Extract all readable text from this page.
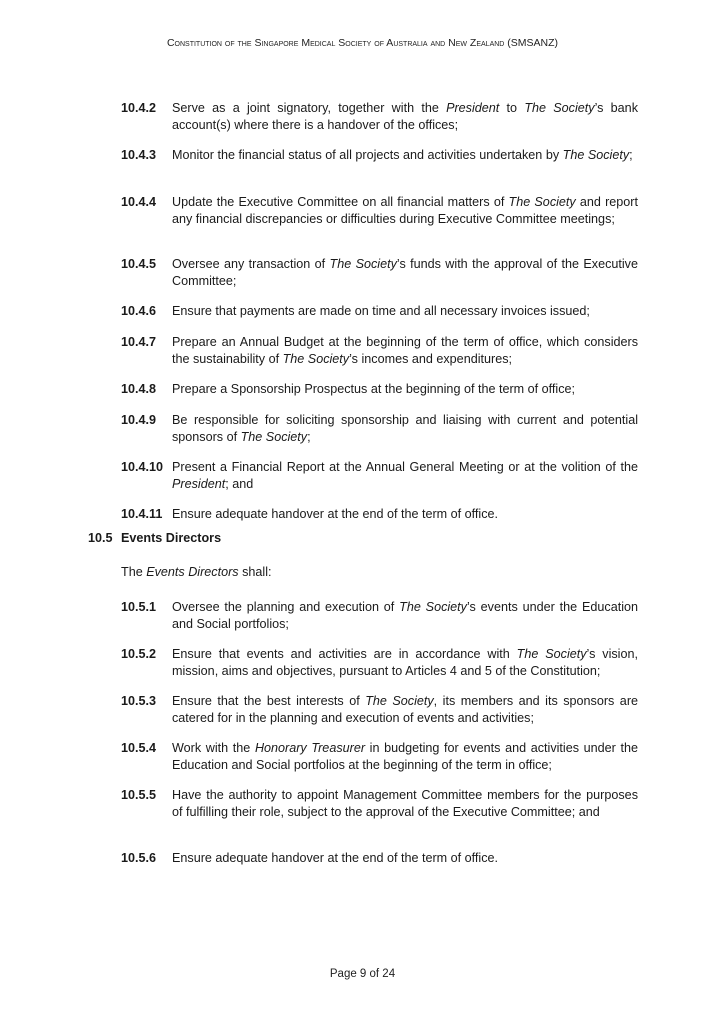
Constitution of the Singapore Medical Society of Australia and New Zealand (SMSANZ)
10.4.2 Serve as a joint signatory, together with the President to The Society’s bank account(s) where there is a handover of the offices;
10.4.3 Monitor the financial status of all projects and activities undertaken by The Society;
10.4.4 Update the Executive Committee on all financial matters of The Society and report any financial discrepancies or difficulties during Executive Committee meetings;
10.4.5 Oversee any transaction of The Society’s funds with the approval of the Executive Committee;
10.4.6 Ensure that payments are made on time and all necessary invoices issued;
10.4.7 Prepare an Annual Budget at the beginning of the term of office, which considers the sustainability of The Society’s incomes and expenditures;
10.4.8 Prepare a Sponsorship Prospectus at the beginning of the term of office;
10.4.9 Be responsible for soliciting sponsorship and liaising with current and potential sponsors of The Society;
10.4.10 Present a Financial Report at the Annual General Meeting or at the volition of the President; and
10.4.11 Ensure adequate handover at the end of the term of office.
10.5 Events Directors
The Events Directors shall:
10.5.1 Oversee the planning and execution of The Society’s events under the Education and Social portfolios;
10.5.2 Ensure that events and activities are in accordance with The Society’s vision, mission, aims and objectives, pursuant to Articles 4 and 5 of the Constitution;
10.5.3 Ensure that the best interests of The Society, its members and its sponsors are catered for in the planning and execution of events and activities;
10.5.4 Work with the Honorary Treasurer in budgeting for events and activities under the Education and Social portfolios at the beginning of the term in office;
10.5.5 Have the authority to appoint Management Committee members for the purposes of fulfilling their role, subject to the approval of the Executive Committee; and
10.5.6 Ensure adequate handover at the end of the term of office.
Page 9 of 24
